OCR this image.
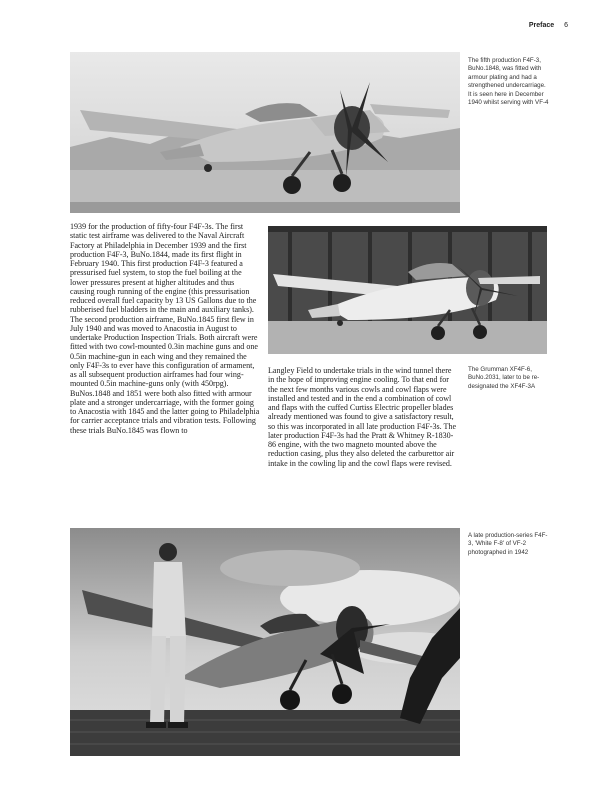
Preface 6
The fifth production F4F-3, BuNo.1848, was fitted with armour plating and had a strengthened undercarriage. It is seen here in December 1940 whilst serving with VF-4

1939 for the production of fifty-four F4F-3s. The first static test airframe was delivered to the Naval Aircraft Factory at Philadelphia in December 1939 and the first production F4F-3, BuNo.1844, made its first flight in February 1940. This first production F4F-3 featured a pressurised fuel system, to stop the fuel boiling at the lower pressures present at higher altitudes and thus causing rough running of the engine (this pressurisation reduced overall fuel capacity by 13 US Gallons due to the rubberised fuel bladders in the main and auxiliary tanks). The second production airframe, BuNo.1845 first flew in July 1940 and was moved to Anacostia in August to undertake Production Inspection Trials. Both aircraft were fitted with two cowl-mounted 0.3in machine guns and one 0.5in machine-gun in each wing and they remained the only F4F-3s to ever have this configuration of armament, as all subsequent production airframes had four wing-mounted 0.5in machine-guns only (with 450rpg). BuNos.1848 and 1851 were both also fitted with armour plate and a stronger undercarriage, with the former going to Anacostia with 1845 and the latter going to Philadelphia for carrier acceptance trials and vibration tests. Following these trials BuNo.1845 was flown to

The Grumman XF4F-6, BuNo.2031, later to be re-designated the XF4F-3A

Langley Field to undertake trials in the wind tunnel there in the hope of improving engine cooling. To that end for the next few months various cowls and cowl flaps were installed and tested and in the end a combination of cowl and flaps with the cuffed Curtiss Electric propeller blades already mentioned was found to give a satisfactory result, so this was incorporated in all late production F4F-3s. The later production F4F-3s had the Pratt & Whitney R-1830-86 engine, with the two magneto mounted above the reduction casing, plus they also deleted the carburettor air intake in the cowling lip and the cowl flaps were revised.

A late production-series F4F-3, 'White F-8' of VF-2 photographed in 1942
